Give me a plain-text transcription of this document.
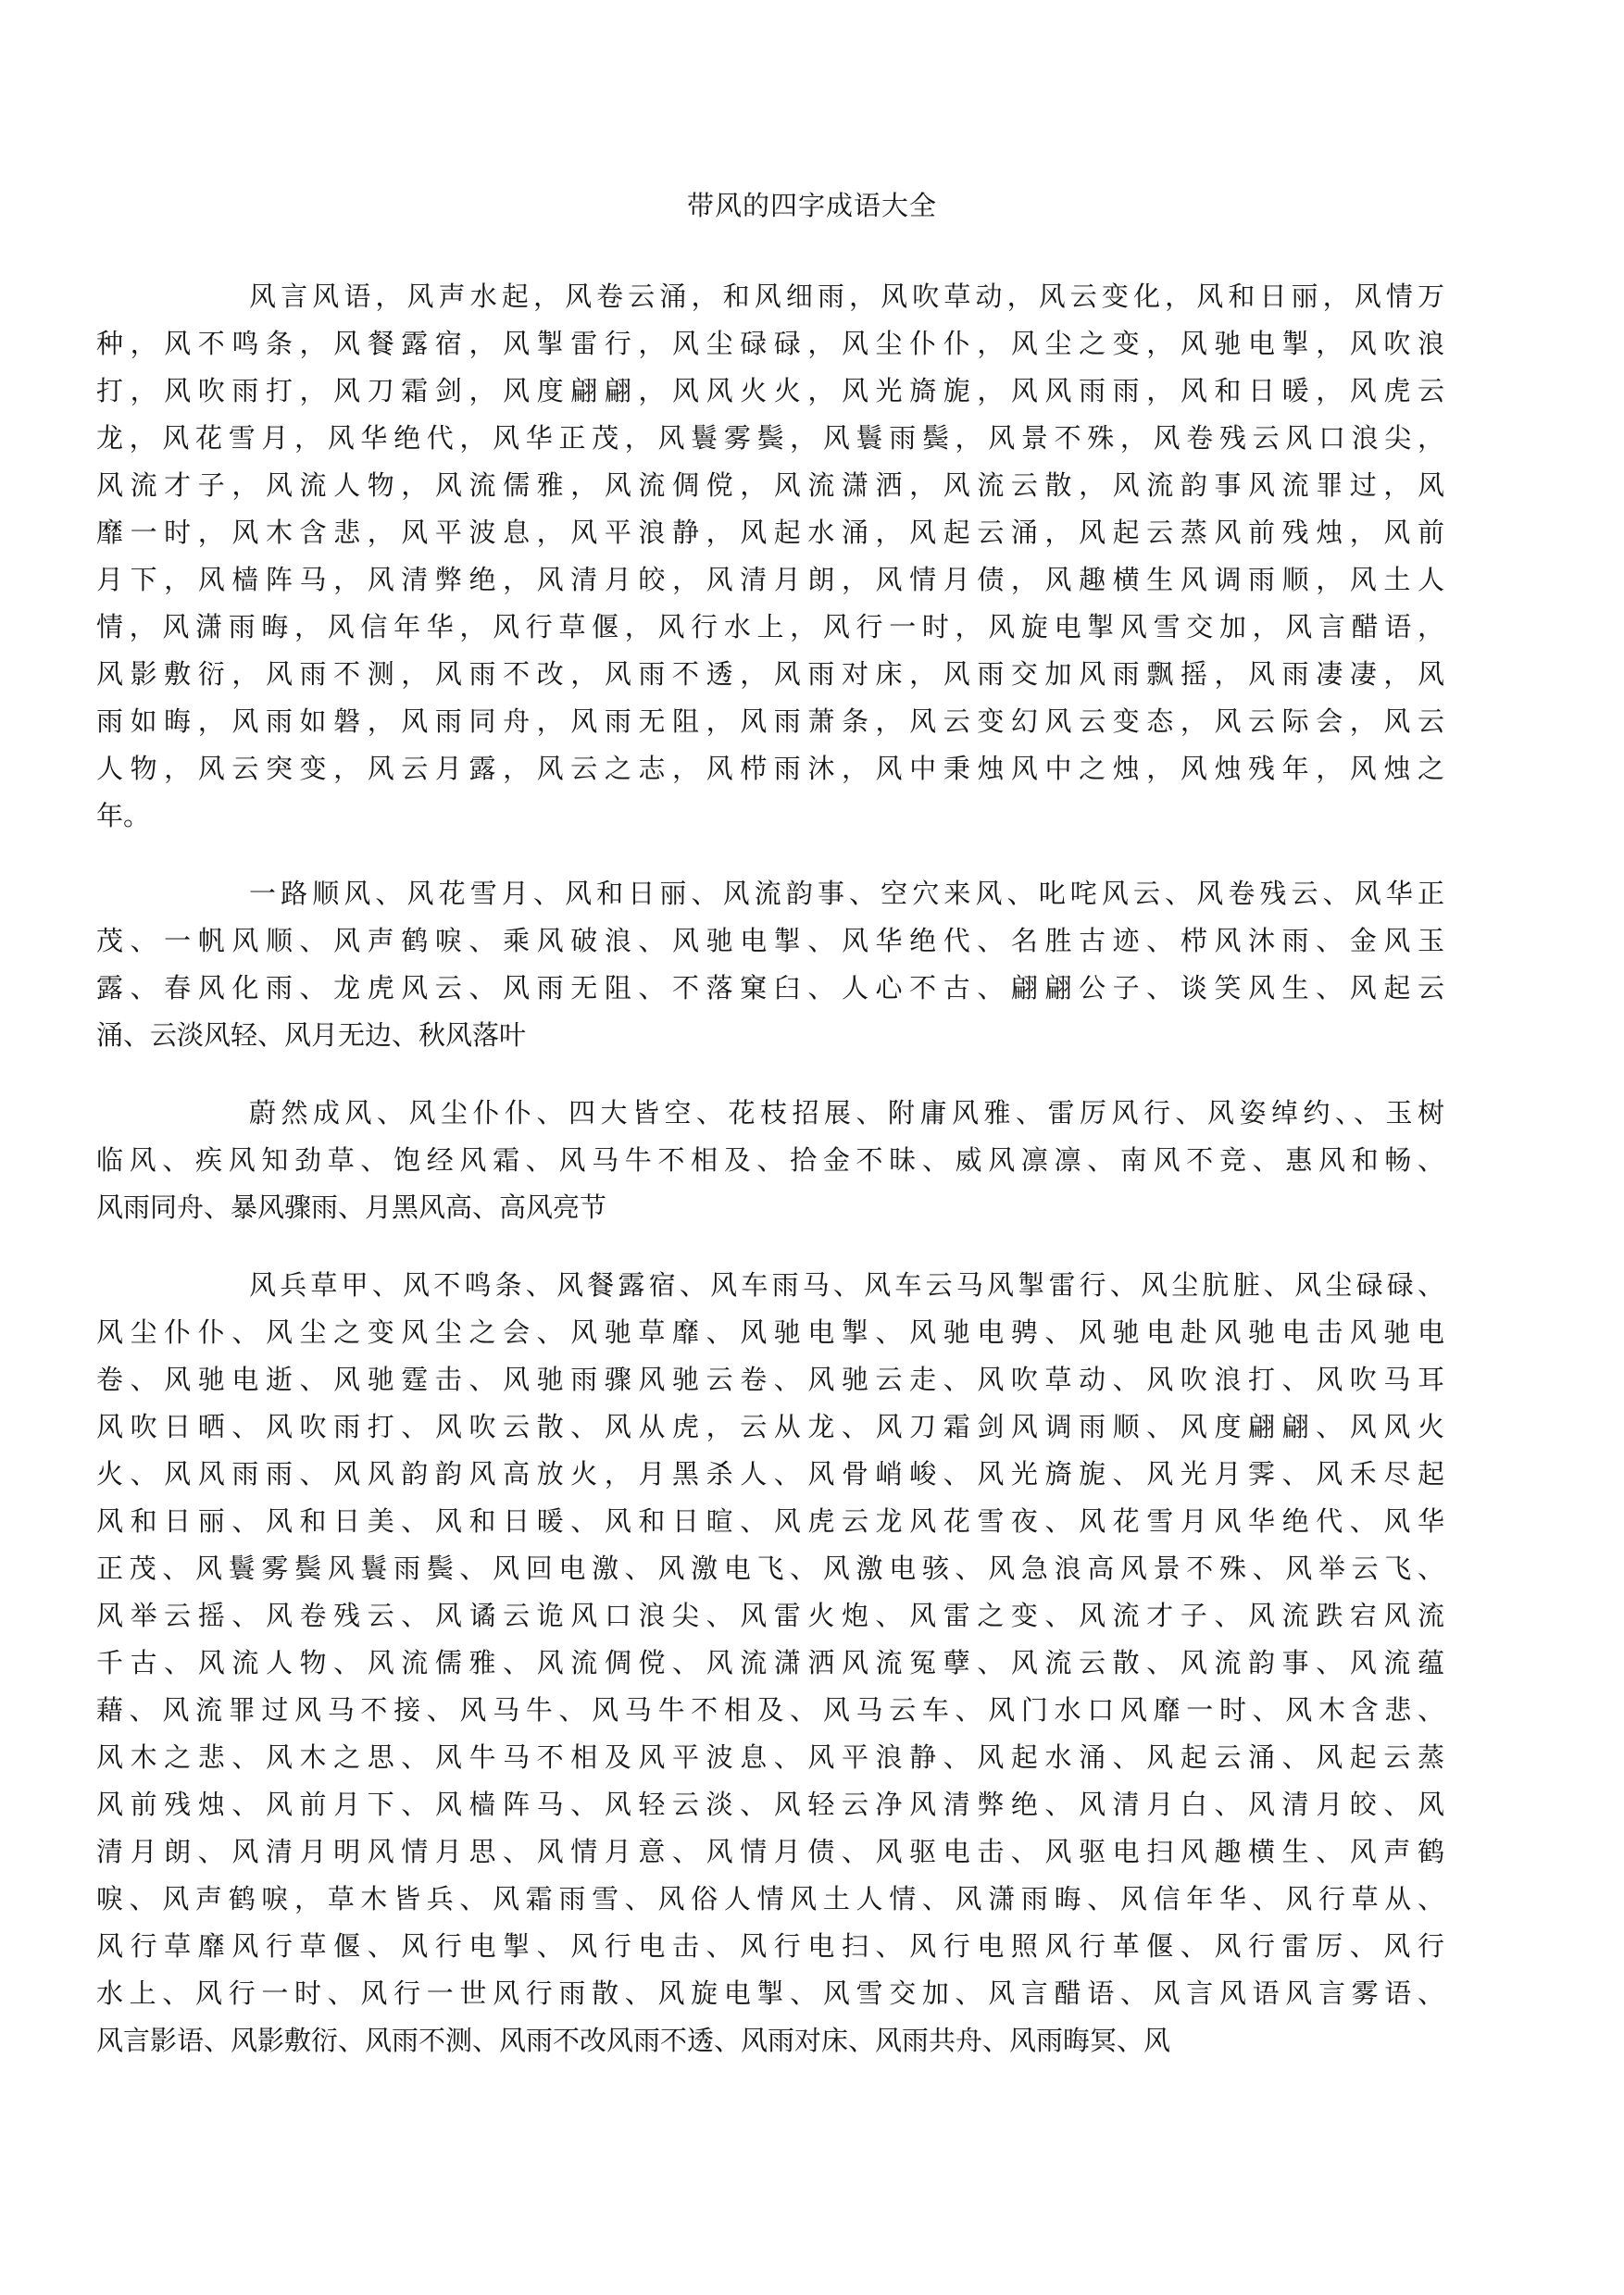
带风的四字成语大全
风言风语，风声水起，风卷云涌，和风细雨，风吹草动，风云变化，风和日丽，风情万
种，风不鸣条，风餐露宿，风掣雷行，风尘碌碌，风尘仆仆，风尘之变，风驰电掣，风吹浪
打，风吹雨打，风刀霜剑，风度翩翩，风风火火，风光旖旎，风风雨雨，风和日暖，风虎云
龙，风花雪月，风华绝代，风华正茂，风鬟雾鬓，风鬟雨鬓，风景不殊，风卷残云风口浪尖，
风流才子，风流人物，风流儒雅，风流倜傥，风流潇洒，风流云散，风流韵事风流罪过，风
靡一时，风木含悲，风平波息，风平浪静，风起水涌，风起云涌，风起云蒸风前残烛，风前
月下，风樯阵马，风清弊绝，风清月皎，风清月朗，风情月债，风趣横生风调雨顺，风土人
情，风潇雨晦，风信年华，风行草偃，风行水上，风行一时，风旋电掣风雪交加，风言醋语，
风影敷衍，风雨不测，风雨不改，风雨不透，风雨对床，风雨交加风雨飘摇，风雨凄凄，风
雨如晦，风雨如磐，风雨同舟，风雨无阻，风雨萧条，风云变幻风云变态，风云际会，风云
人物，风云突变，风云月露，风云之志，风栉雨沐，风中秉烛风中之烛，风烛残年，风烛之
年。
一路顺风、风花雪月、风和日丽、风流韵事、空穴来风、叱咤风云、风卷残云、风华正
茂、一帆风顺、风声鹤唳、乘风破浪、风驰电掣、风华绝代、名胜古迹、栉风沐雨、金风玉
露、春风化雨、龙虎风云、风雨无阻、不落窠臼、人心不古、翩翩公子、谈笑风生、风起云
涌、云淡风轻、风月无边、秋风落叶
蔚然成风、风尘仆仆、四大皆空、花枝招展、附庸风雅、雷厉风行、风姿绰约、、玉树
临风、疾风知劲草、饱经风霜、风马牛不相及、拾金不昧、威风凛凛、南风不竞、惠风和畅、
风雨同舟、暴风骤雨、月黑风高、高风亮节
风兵草甲、风不鸣条、风餐露宿、风车雨马、风车云马风掣雷行、风尘肮脏、风尘碌碌、
风尘仆仆、风尘之变风尘之会、风驰草靡、风驰电掣、风驰电骋、风驰电赴风驰电击风驰电
卷、风驰电逝、风驰霆击、风驰雨骤风驰云卷、风驰云走、风吹草动、风吹浪打、风吹马耳
风吹日晒、风吹雨打、风吹云散、风从虎，云从龙、风刀霜剑风调雨顺、风度翩翩、风风火
火、风风雨雨、风风韵韵风高放火，月黑杀人、风骨峭峻、风光旖旎、风光月霁、风禾尽起
风和日丽、风和日美、风和日暖、风和日暄、风虎云龙风花雪夜、风花雪月风华绝代、风华
正茂、风鬟雾鬓风鬟雨鬓、风回电激、风激电飞、风激电骇、风急浪高风景不殊、风举云飞、
风举云摇、风卷残云、风谲云诡风口浪尖、风雷火炮、风雷之变、风流才子、风流跌宕风流
千古、风流人物、风流儒雅、风流倜傥、风流潇洒风流冤孽、风流云散、风流韵事、风流蕴
藉、风流罪过风马不接、风马牛、风马牛不相及、风马云车、风门水口风靡一时、风木含悲、
风木之悲、风木之思、风牛马不相及风平波息、风平浪静、风起水涌、风起云涌、风起云蒸
风前残烛、风前月下、风樯阵马、风轻云淡、风轻云净风清弊绝、风清月白、风清月皎、风
清月朗、风清月明风情月思、风情月意、风情月债、风驱电击、风驱电扫风趣横生、风声鹤
唳、风声鹤唳，草木皆兵、风霜雨雪、风俗人情风土人情、风潇雨晦、风信年华、风行草从、
风行草靡风行草偃、风行电掣、风行电击、风行电扫、风行电照风行革偃、风行雷厉、风行
水上、风行一时、风行一世风行雨散、风旋电掣、风雪交加、风言醋语、风言风语风言雾语、
风言影语、风影敷衍、风雨不测、风雨不改风雨不透、风雨对床、风雨共舟、风雨晦冥、风
